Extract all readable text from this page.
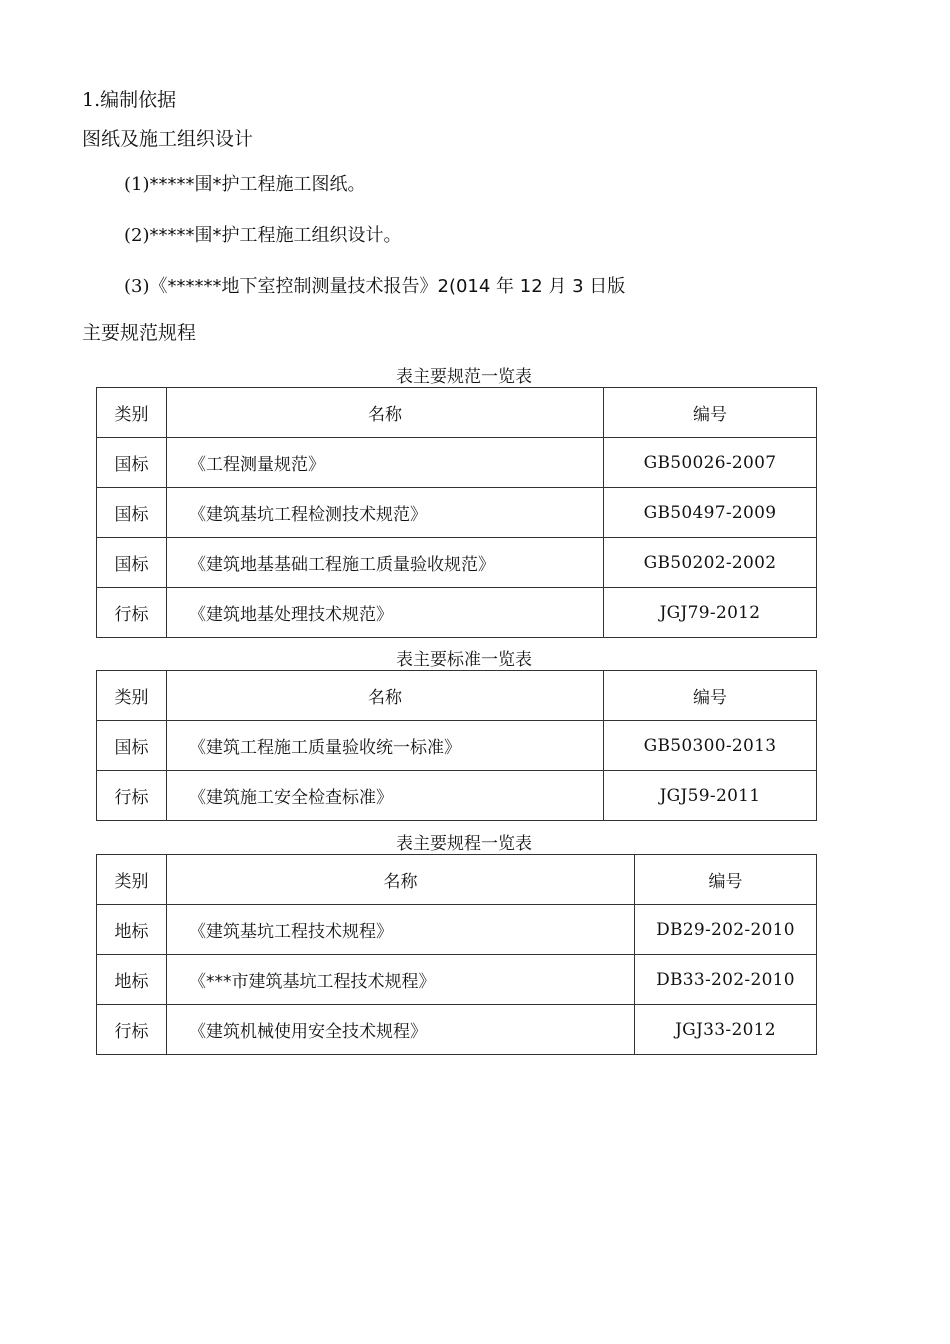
1.编制依据
图纸及施工组织设计
(1)*****围*护工程施工图纸。
(2)*****围*护工程施工组织设计。
(3)《******地下室控制测量技术报告》2(014 年 12 月 3 日版
主要规范规程
表主要规范一览表
类别	名称	编号
国标	《工程测量规范》	GB50026-2007
国标	《建筑基坑工程检测技术规范》	GB50497-2009
国标	《建筑地基基础工程施工质量验收规范》	GB50202-2002
行标	《建筑地基处理技术规范》	JGJ79-2012
表主要标准一览表
类别	名称	编号
国标	《建筑工程施工质量验收统一标准》	GB50300-2013
行标	《建筑施工安全检查标准》	JGJ59-2011
表主要规程一览表
类别	名称	编号
地标	《建筑基坑工程技术规程》	DB29-202-2010
地标	《***市建筑基坑工程技术规程》	DB33-202-2010
行标	《建筑机械使用安全技术规程》	JGJ33-2012
